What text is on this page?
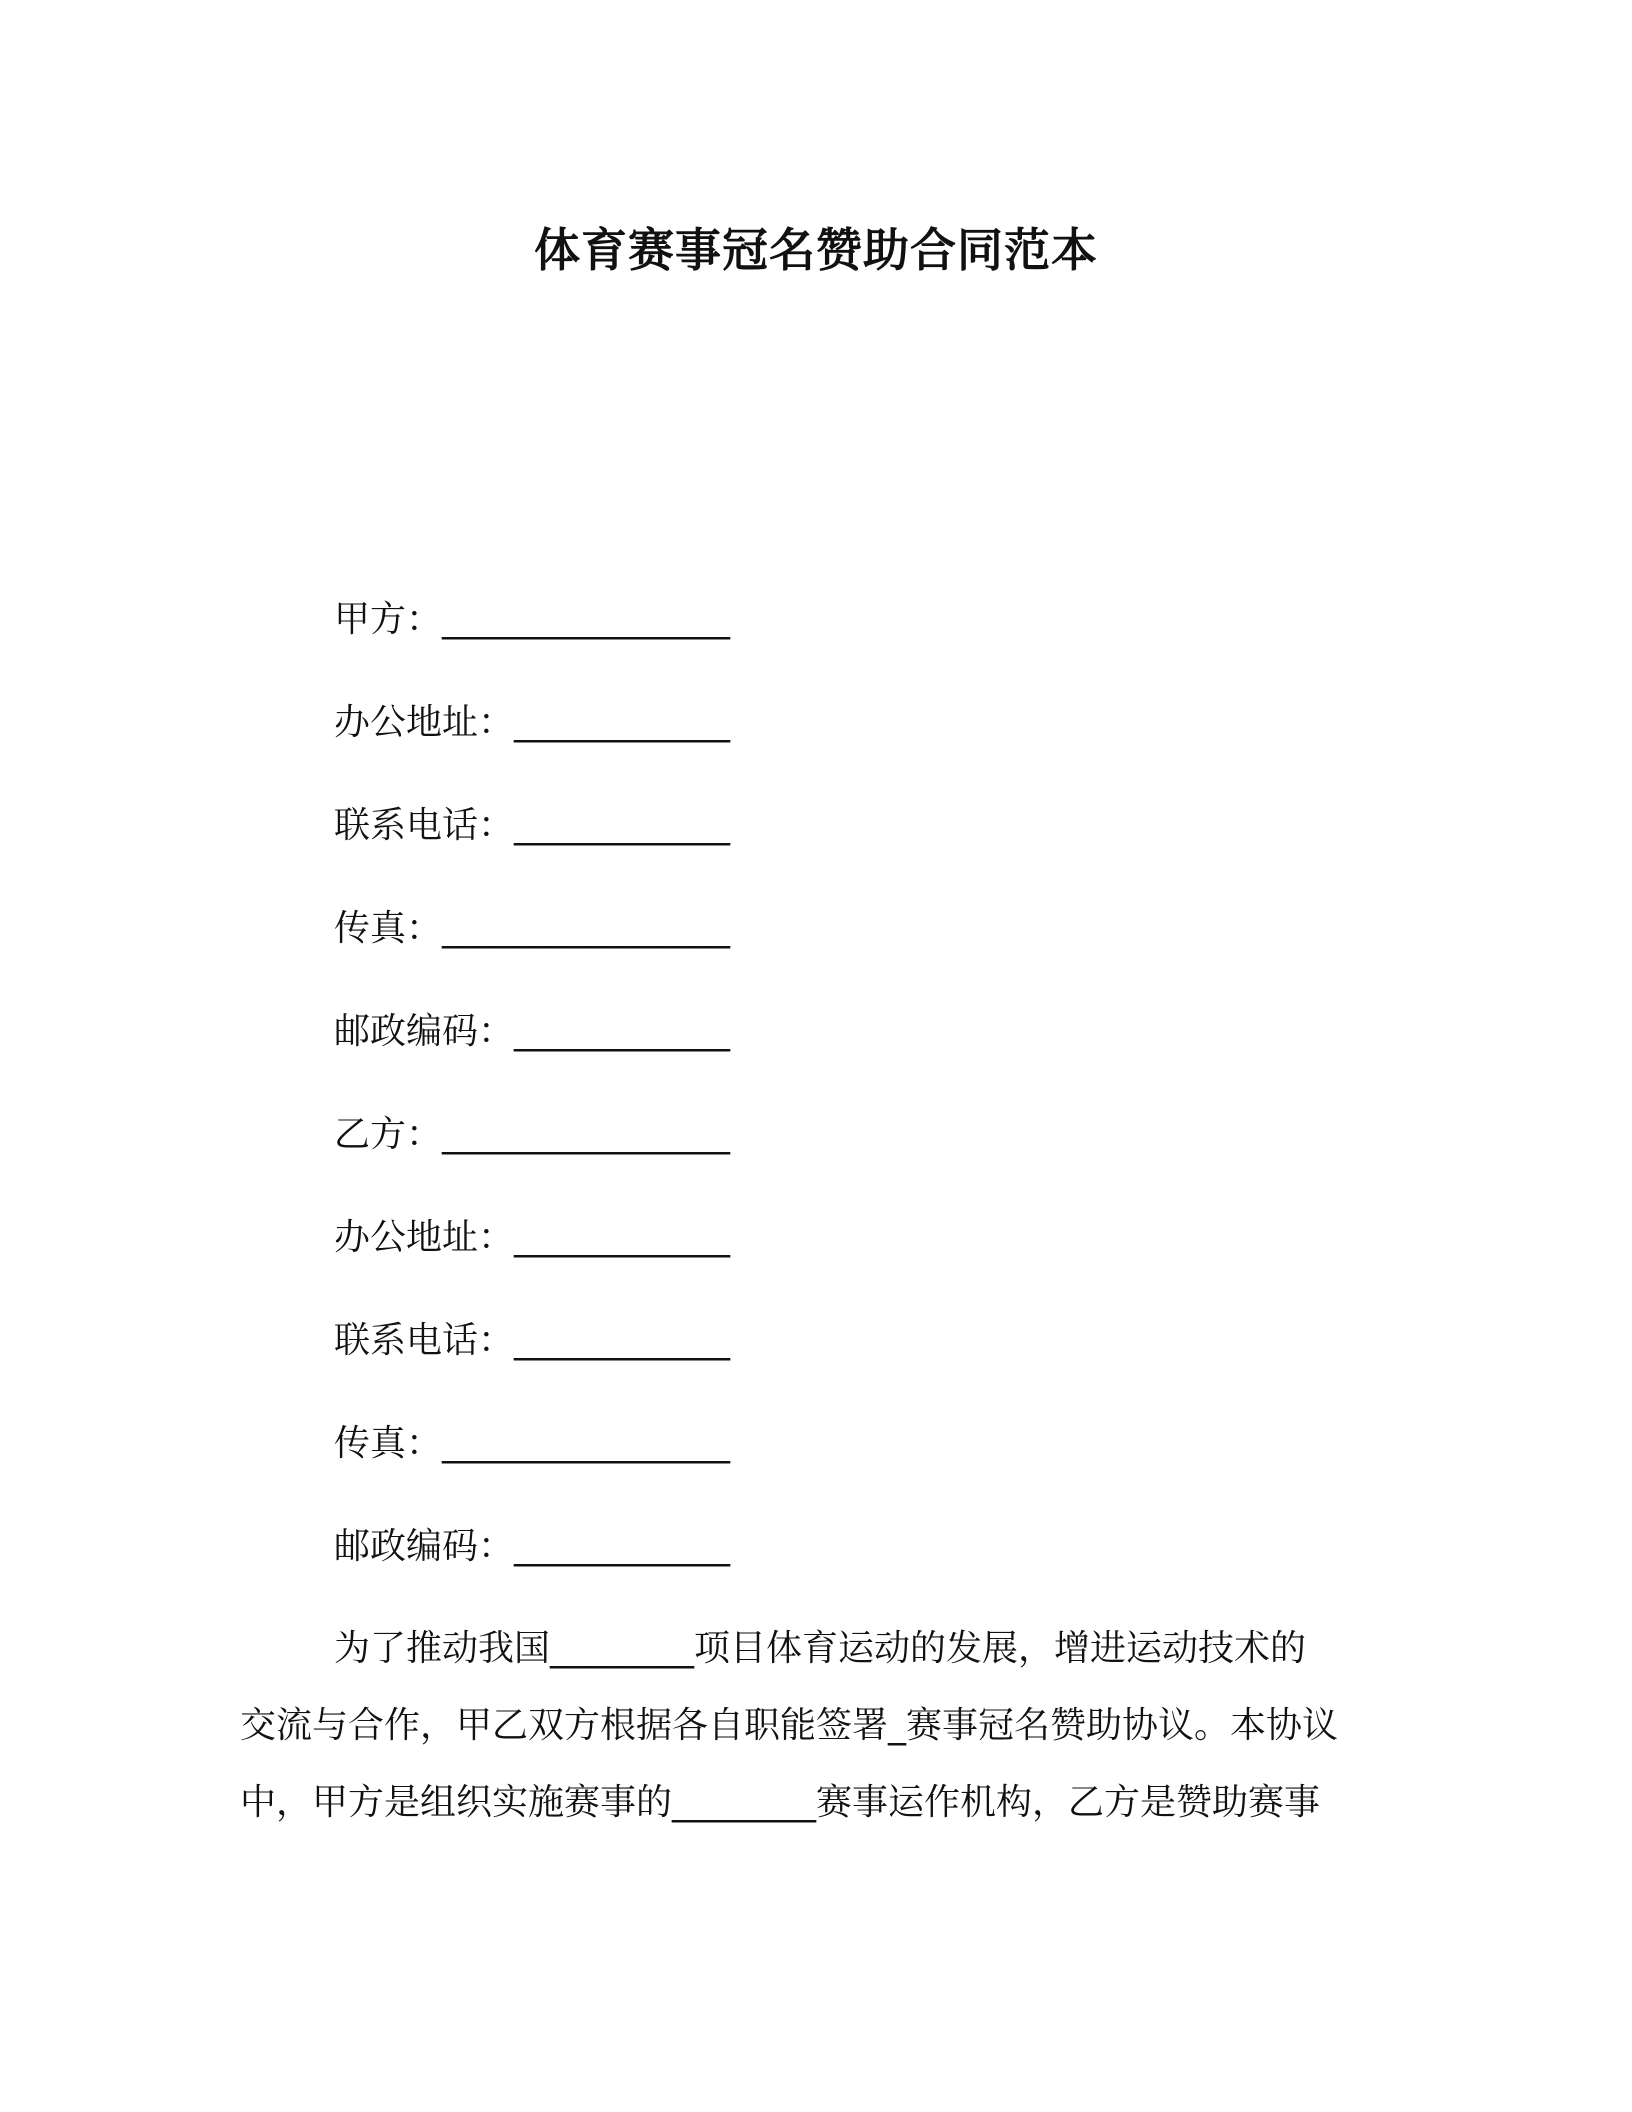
体育赛事冠名赞助合同范本
甲方：________________
办公地址：____________
联系电话：____________
传真：________________
邮政编码：____________
乙方：________________
办公地址：____________
联系电话：____________
传真：________________
邮政编码：____________
为了推动我国________项目体育运动的发展，增进运动技术的
交流与合作，甲乙双方根据各自职能签署_赛事冠名赞助协议。本协议
中，甲方是组织实施赛事的________赛事运作机构，乙方是赞助赛事
